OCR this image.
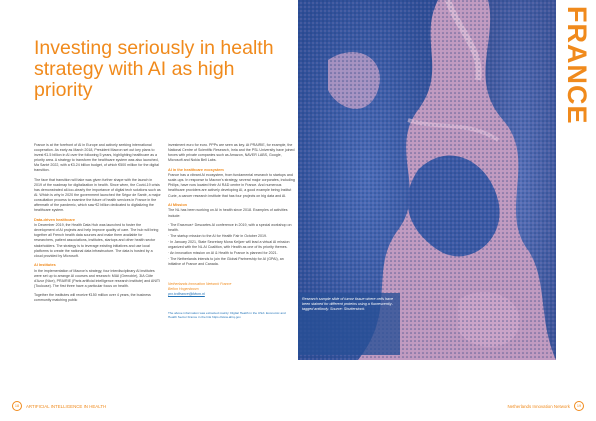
Investing seriously in health strategy with AI as high priority

France is at the forefront of AI in Europe and actively seeking international cooperation. As early as March 2018, President Macron set out key plans to invest €1.5 billion in AI over the following 5 years, highlighting healthcare as a priority area. A strategy to transform the healthcare system was also launched, Ma Santé 2022, with a €3.24 billion budget, of which €500 million for the digital transition.

The face that transition will take was given further shape with the launch in 2019 of the roadmap for digitalization in health. Since when, the Covid-19 crisis has demonstrated all-too-clearly the importance of digital tech solutions such as AI. Which is why in 2020 the government launched the Ségur de Santé, a major consultation process to examine the future of health services in France in the aftermath of the pandemic, which saw €2 billion dedicated to digitalizing the healthcare system.

Data-driven healthcare

In December 2019, the Health Data Hub was launched to foster the development of AI projects and help improve quality of care. The hub will bring together all French health data sources and make them available for researchers, patient associations, institutes, startups and other health sector stakeholders. The strategy is to leverage existing initiatives and use local platforms to create the national data infrastructure. The data is hosted by a cloud provided by Microsoft.

AI Institutes

In the implementation of Macron's strategy, four interdisciplinary AI institutes were set up to arrange AI courses and research: MIAI (Grenoble), 3IA Côte d'Azur (Nice), PRAIRIE (Paris artificial intelligence research institute) and ANITI (Toulouse). The first three have a particular focus on health.

Together the institutes will receive €150 million over 4 years, the business community matching public

investment euro for euro. PPPs are seen as key. At PRAIRIE, for example, the National Centre of Scientific Research, Inria and the PSL University have joined forces with private companies such as Amazon, NAVER LABS, Google, Microsoft and Nokia Bell Labs.

AI in the healthcare ecosystem

France has a vibrant AI ecosystem, from fundamental research to startups and scale-ups. In response to Macron's strategy, several major corporates, including Philips, have now located their AI R&D centre in France. And numerous healthcare providers are actively developing AI, a good example being Institut Curie, a cancer research institute that has four projects on big data and AI.

AI Mission

The NL has been working on AI in health since 2018. Examples of activities include:

· The Erasmus+ Descartes AI conference in 2019, with a special workshop on health.
· The startup mission to the AI for Health Fair in October 2019.
· In January 2021, State Secretary Mona Keijzer will lead a virtual AI mission organized with the NL AI Coalition, with Health as one of its priority themes.
· An innovation mission on AI & Health to France is planned for 2021.
· The Netherlands intends to join the Global Partnership for AI (GPAI), an initiative of France and Canada.
Netherlands Innovation Network France
Bellon Hogenboom
prx.tcdfrance@fdwm.nl
The above information was extracted mainly: Digital Health in the USA: Economic and Health Sector France in the link https://www.ahrq.gov
18	ARTIFICIAL INTELLIGENCE IN HEALTH
FRANCE
Research sample slide of tumor tissue where cells have been stained for different proteins using a fluorescently-tagged antibody. Source: Shutterstock.
Netherlands Innovation Network	19
